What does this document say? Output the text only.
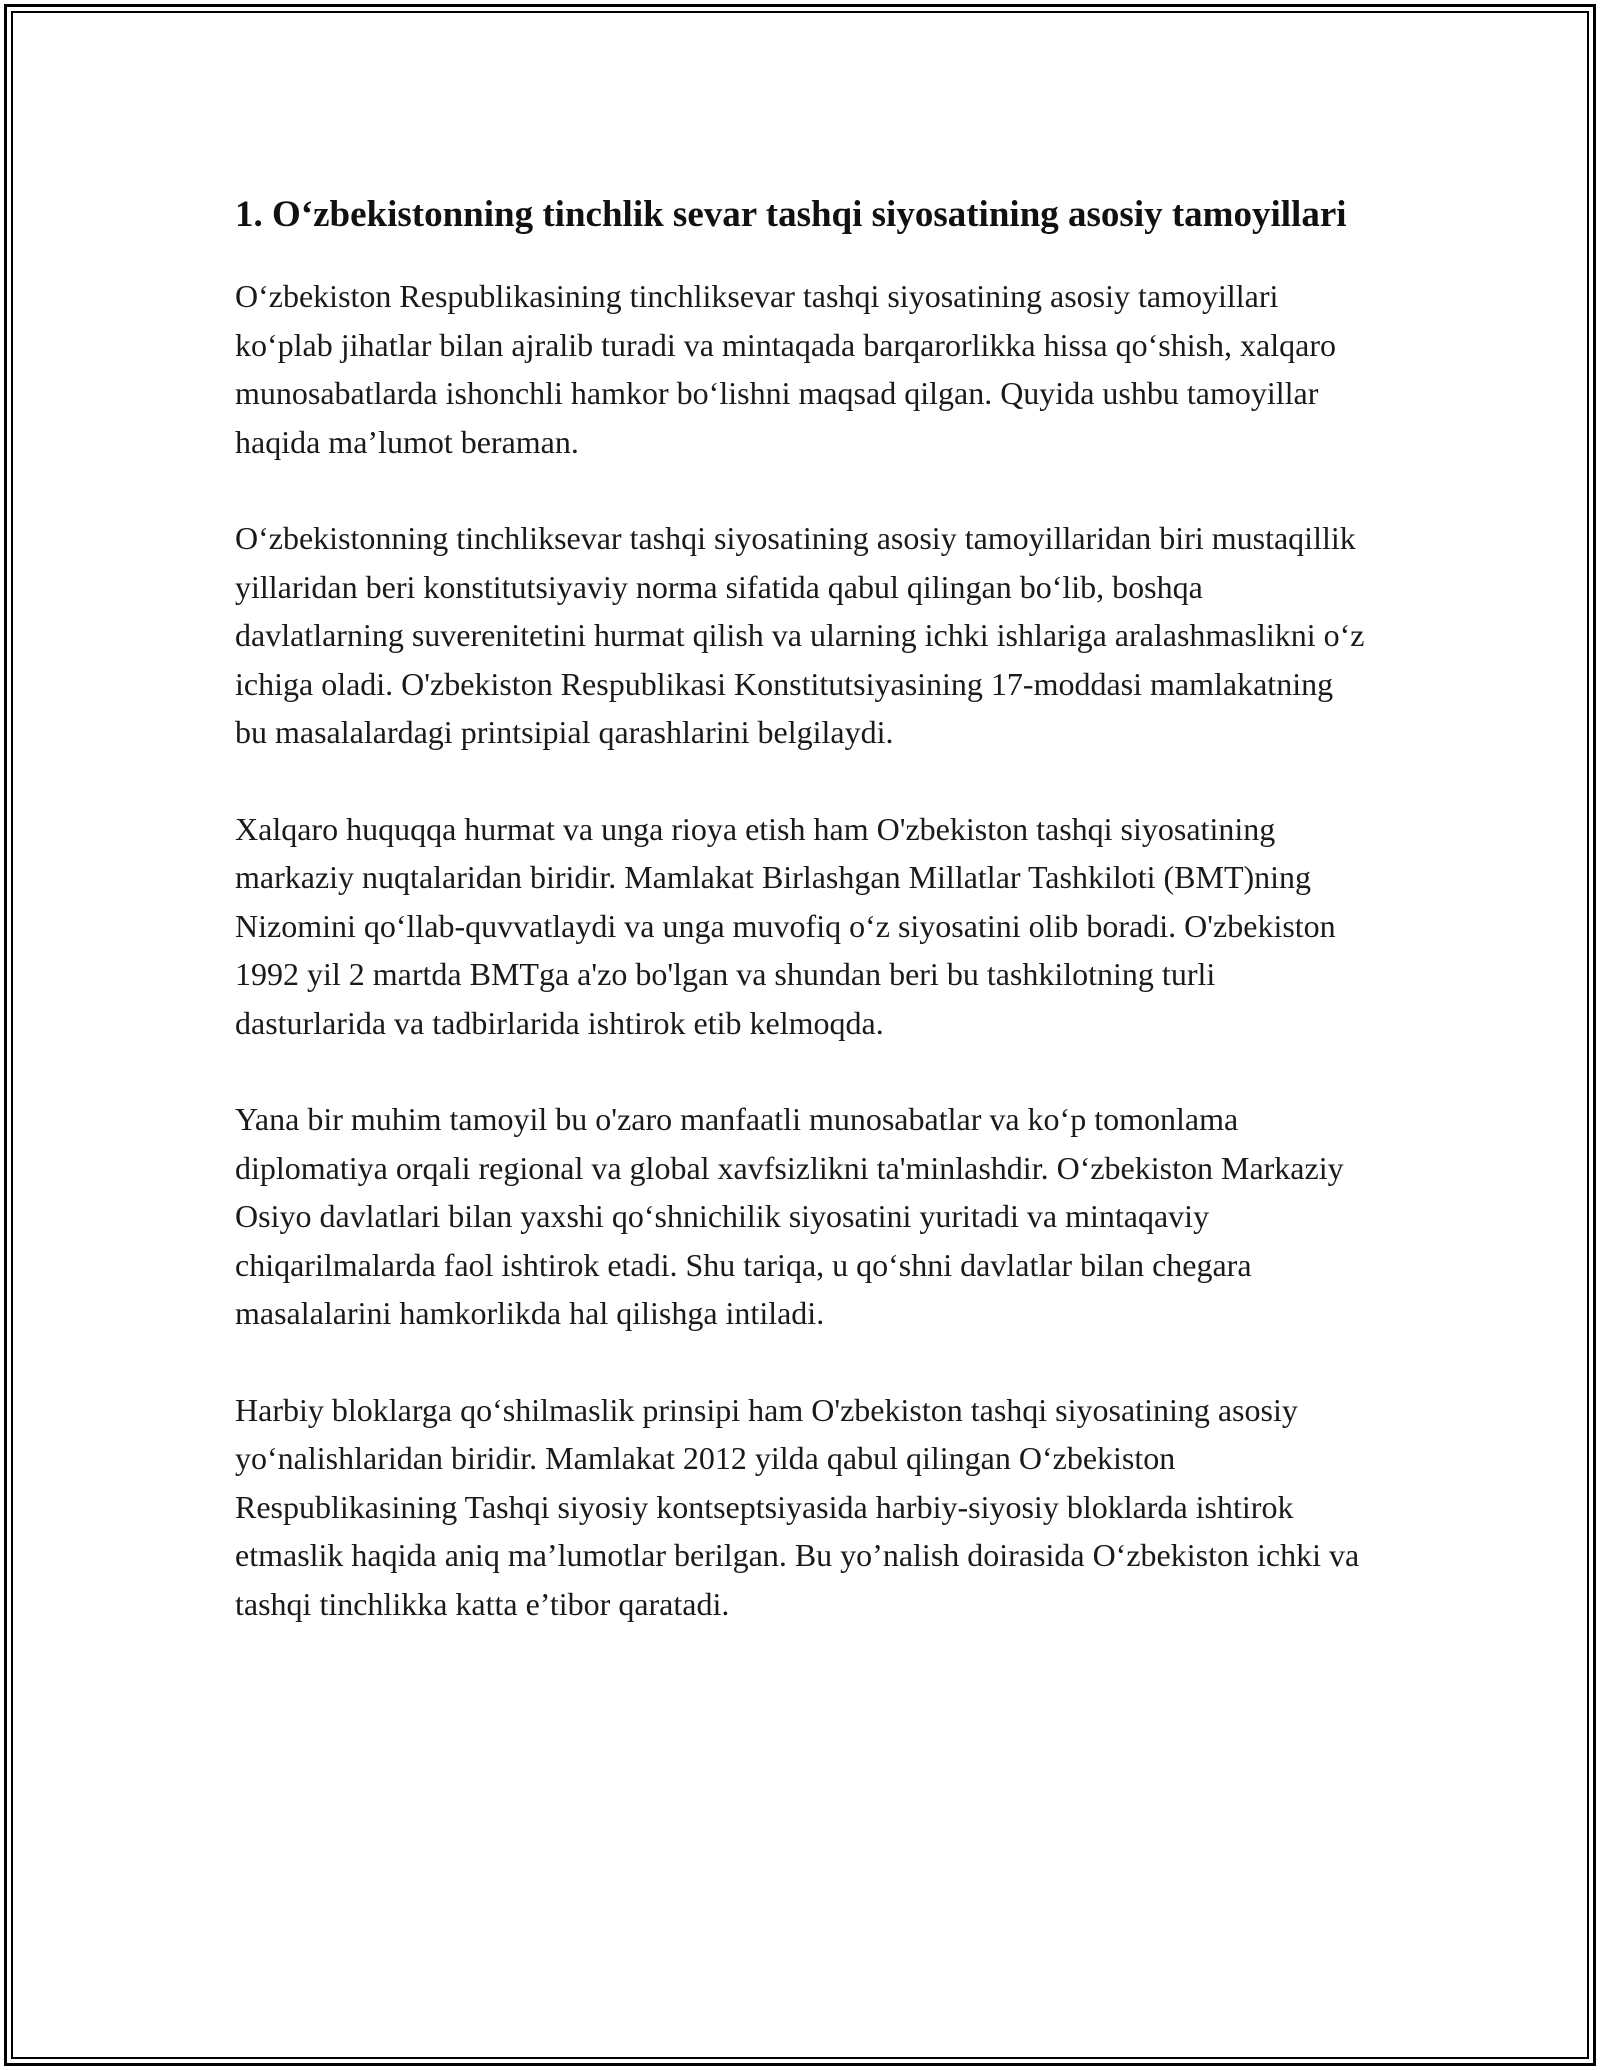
1. O‘zbekistonning tinchlik sevar tashqi siyosatining asosiy tamoyillari

O‘zbekiston Respublikasining tinchliksevar tashqi siyosatining asosiy tamoyillari ko‘plab jihatlar bilan ajralib turadi va mintaqada barqarorlikka hissa qo‘shish, xalqaro munosabatlarda ishonchli hamkor bo‘lishni maqsad qilgan. Quyida ushbu tamoyillar haqida ma’lumot beraman.

O‘zbekistonning tinchliksevar tashqi siyosatining asosiy tamoyillaridan biri mustaqillik yillaridan beri konstitutsiyaviy norma sifatida qabul qilingan bo‘lib, boshqa davlatlarning suverenitetini hurmat qilish va ularning ichki ishlariga aralashmaslikni o‘z ichiga oladi. O'zbekiston Respublikasi Konstitutsiyasining 17-moddasi mamlakatning bu masalalardagi printsipial qarashlarini belgilaydi.

Xalqaro huquqqa hurmat va unga rioya etish ham O'zbekiston tashqi siyosatining markaziy nuqtalaridan biridir. Mamlakat Birlashgan Millatlar Tashkiloti (BMT)ning Nizomini qo‘llab-quvvatlaydi va unga muvofiq o‘z siyosatini olib boradi. O'zbekiston 1992 yil 2 martda BMTga a'zo bo'lgan va shundan beri bu tashkilotning turli dasturlarida va tadbirlarida ishtirok etib kelmoqda.

Yana bir muhim tamoyil bu o'zaro manfaatli munosabatlar va ko‘p tomonlama diplomatiya orqali regional va global xavfsizlikni ta'minlashdir. O‘zbekiston Markaziy Osiyo davlatlari bilan yaxshi qo‘shnichilik siyosatini yuritadi va mintaqaviy chiqarilmalarda faol ishtirok etadi. Shu tariqa, u qo‘shni davlatlar bilan chegara masalalarini hamkorlikda hal qilishga intiladi.

Harbiy bloklarga qo‘shilmaslik prinsipi ham O'zbekiston tashqi siyosatining asosiy yo‘nalishlaridan biridir. Mamlakat 2012 yilda qabul qilingan O‘zbekiston Respublikasining Tashqi siyosiy kontseptsiyasida harbiy-siyosiy bloklarda ishtirok etmaslik haqida aniq ma’lumotlar berilgan. Bu yo’nalish doirasida O‘zbekiston ichki va tashqi tinchlikka katta e’tibor qaratadi.
